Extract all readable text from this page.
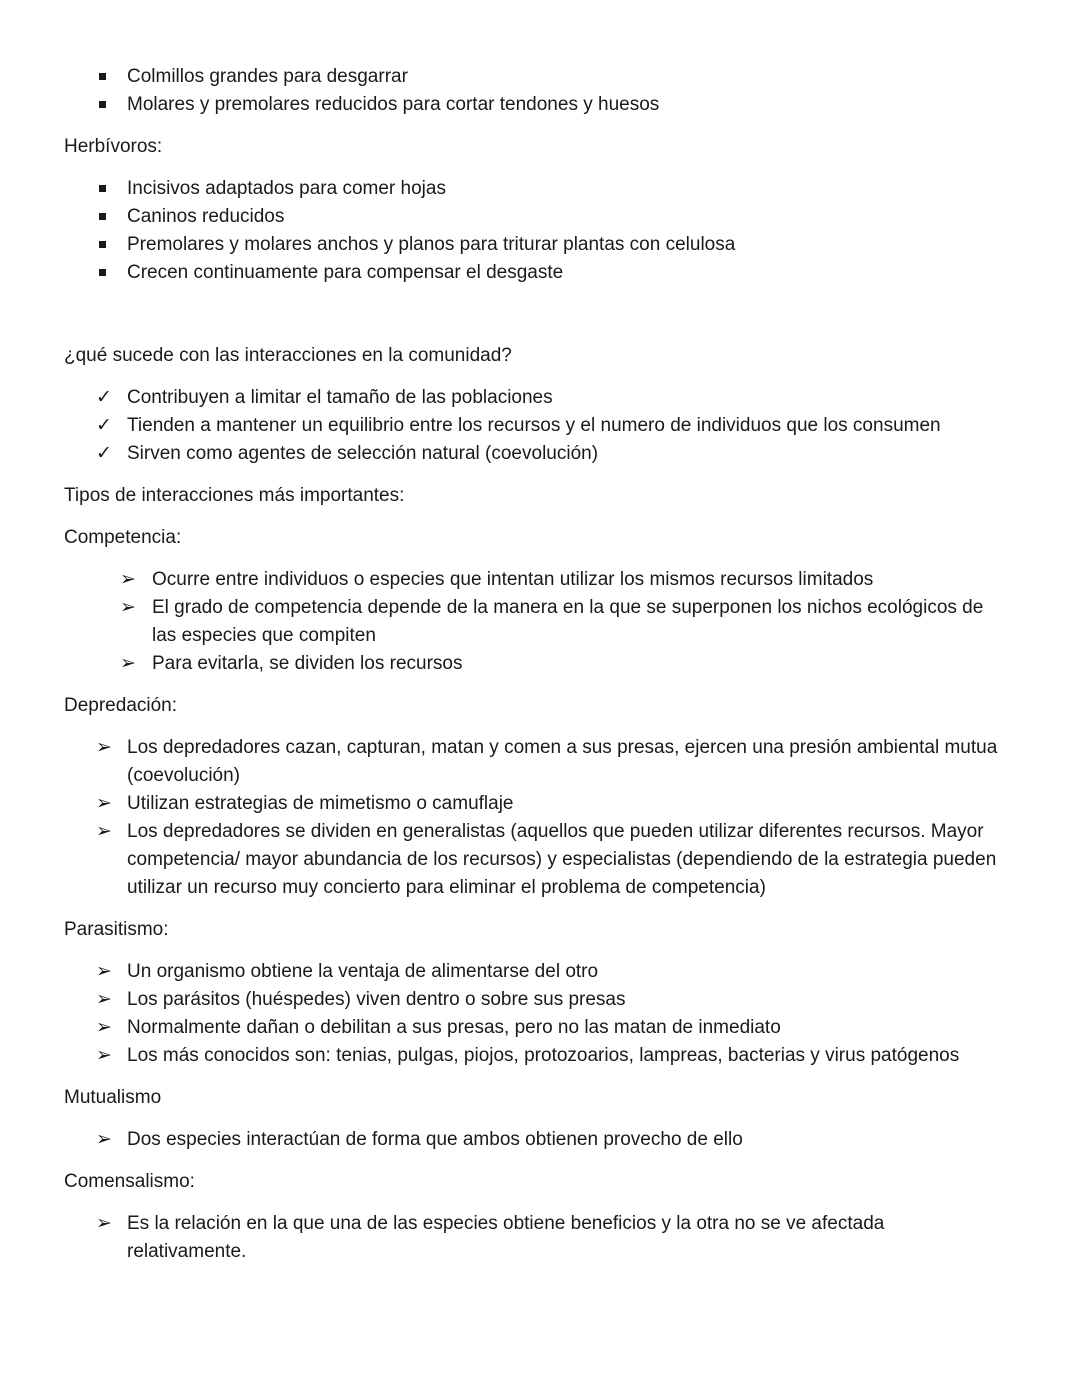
Colmillos grandes para desgarrar
Molares y premolares reducidos para cortar tendones y huesos
Herbívoros:
Incisivos adaptados para comer hojas
Caninos reducidos
Premolares y molares anchos y planos para triturar plantas con celulosa
Crecen continuamente para compensar el desgaste
¿qué sucede con las interacciones en la comunidad?
✓ Contribuyen a limitar el tamaño de las poblaciones
✓ Tienden a mantener un equilibrio entre los recursos y el numero de individuos que los consumen
✓ Sirven como agentes de selección natural (coevolución)
Tipos de interacciones más importantes:
Competencia:
➢ Ocurre entre individuos o especies que intentan utilizar los mismos recursos limitados
➢ El grado de competencia depende de la manera en la que se superponen los nichos ecológicos de
las especies que compiten
➢ Para evitarla, se dividen los recursos
Depredación:
➢ Los depredadores cazan, capturan, matan y comen a sus presas, ejercen una presión ambiental mutua
(coevolución)
➢ Utilizan estrategias de mimetismo o camuflaje
➢ Los depredadores se dividen en generalistas (aquellos que pueden utilizar diferentes recursos. Mayor
competencia/ mayor abundancia de los recursos) y especialistas (dependiendo de la estrategia pueden
utilizar un recurso muy concierto para eliminar el problema de competencia)
Parasitismo:
➢ Un organismo obtiene la ventaja de alimentarse del otro
➢ Los parásitos (huéspedes) viven dentro o sobre sus presas
➢ Normalmente dañan o debilitan a sus presas, pero no las matan de inmediato
➢ Los más conocidos son: tenias, pulgas, piojos, protozoarios, lampreas, bacterias y virus patógenos
Mutualismo
➢ Dos especies interactúan de forma que ambos obtienen provecho de ello
Comensalismo:
➢ Es la relación en la que una de las especies obtiene beneficios y la otra no se ve afectada
relativamente.
